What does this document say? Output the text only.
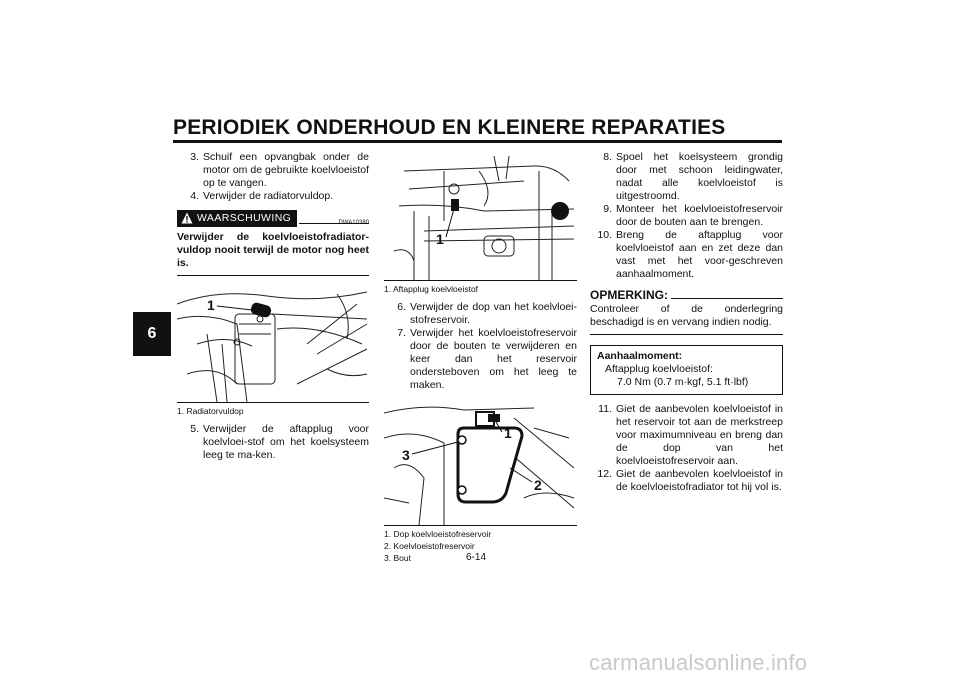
PERIODIEK ONDERHOUD EN KLEINERE REPARATIES
6
3. Schuif een opvangbak onder de motor om de gebruikte koelvloeistof op te vangen.
4. Verwijder de radiatorvuldop.
WAARSCHUWING	DWA10380
Verwijder de koelvloeistofradiator-vuldop nooit terwijl de motor nog heet is.
1
1. Radiatorvuldop
5. Verwijder de aftapplug voor koelvloei-stof om het koelsysteem leeg te ma-ken.
1
1. Aftapplug koelvloeistof
6. Verwijder de dop van het koelvloei-stofreservoir.
7. Verwijder het koelvloeistofreservoir door de bouten te verwijderen en keer dan het reservoir ondersteboven om het leeg te maken.
1
2
3
1. Dop koelvloeistofreservoir
2. Koelvloeistofreservoir
3. Bout
8. Spoel het koelsysteem grondig door met schoon leidingwater, nadat alle koelvloeistof is uitgestroomd.
9. Monteer het koelvloeistofreservoir door de bouten aan te brengen.
10. Breng de aftapplug voor koelvloeistof aan en zet deze dan vast met het voor-geschreven aanhaalmoment.
OPMERKING:
Controleer of de onderlegring beschadigd is en vervang indien nodig.
Aanhaalmoment:
Aftapplug koelvloeistof:
7.0 Nm (0.7 m·kgf, 5.1 ft·lbf)
11. Giet de aanbevolen koelvloeistof in het reservoir tot aan de merkstreep voor maximumniveau en breng dan de dop van het koelvloeistofreservoir aan.
12. Giet de aanbevolen koelvloeistof in de koelvloeistofradiator tot hij vol is.
6-14
carmanualsonline.info
